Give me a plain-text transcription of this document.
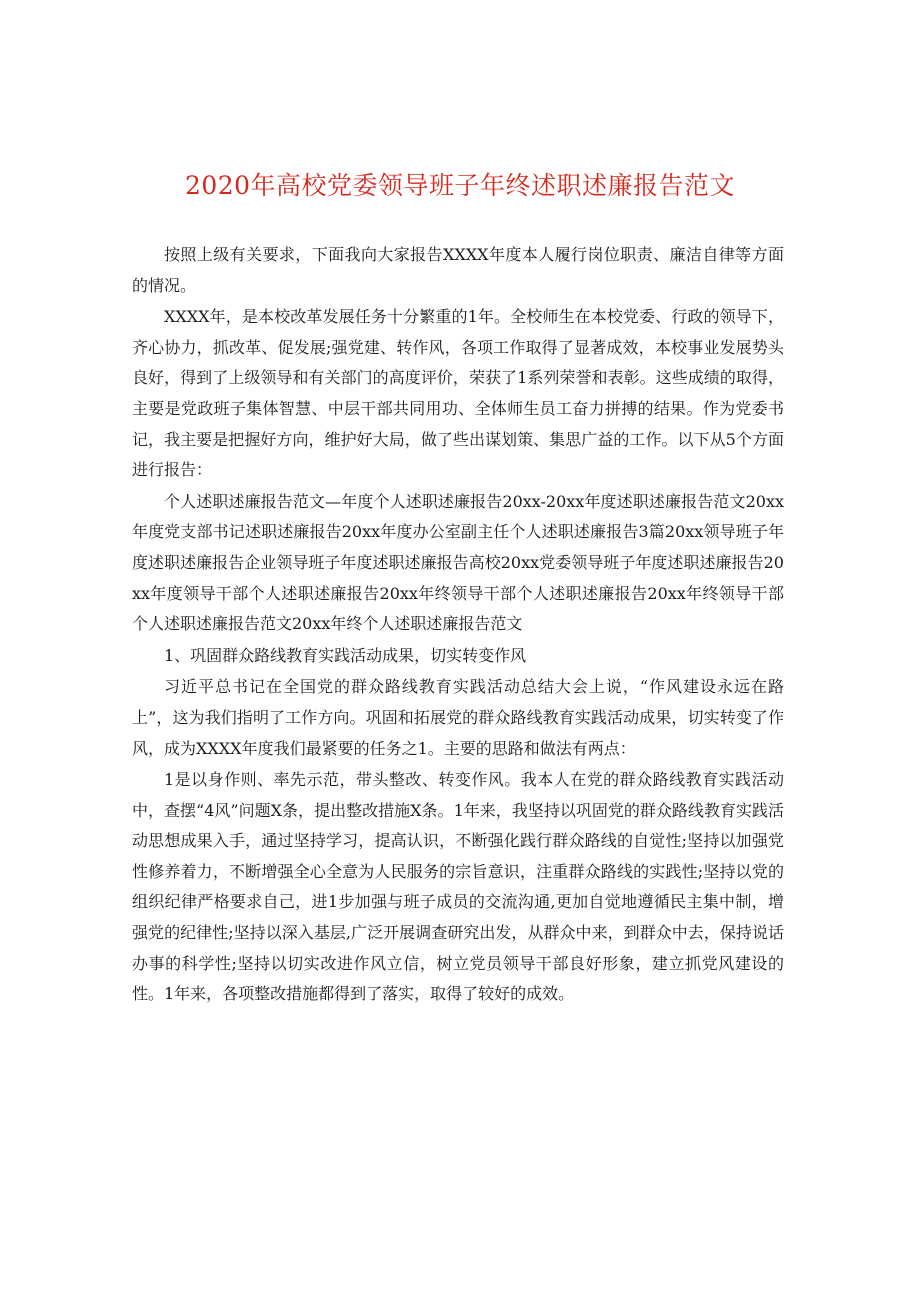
2020年高校党委领导班子年终述职述廉报告范文

按照上级有关要求，下面我向大家报告XXXX年度本人履行岗位职责、廉洁自律等方面的情况。

XXXX年，是本校改革发展任务十分繁重的1年。全校师生在本校党委、行政的领导下，齐心协力，抓改革、促发展;强党建、转作风，各项工作取得了显著成效，本校事业发展势头良好，得到了上级领导和有关部门的高度评价，荣获了1系列荣誉和表彰。这些成绩的取得，主要是党政班子集体智慧、中层干部共同用功、全体师生员工奋力拼搏的结果。作为党委书记，我主要是把握好方向，维护好大局，做了些出谋划策、集思广益的工作。以下从5个方面进行报告：

个人述职述廉报告范文—年度个人述职述廉报告20xx-20xx年度述职述廉报告范文20xx年度党支部书记述职述廉报告20xx年度办公室副主任个人述职述廉报告3篇20xx领导班子年度述职述廉报告企业领导班子年度述职述廉报告高校20xx党委领导班子年度述职述廉报告20xx年度领导干部个人述职述廉报告20xx年终领导干部个人述职述廉报告20xx年终领导干部个人述职述廉报告范文20xx年终个人述职述廉报告范文

1、巩固群众路线教育实践活动成果，切实转变作风

习近平总书记在全国党的群众路线教育实践活动总结大会上说，“作风建设永远在路上”，这为我们指明了工作方向。巩固和拓展党的群众路线教育实践活动成果，切实转变了作风，成为XXXX年度我们最紧要的任务之1。主要的思路和做法有两点：

1是以身作则、率先示范，带头整改、转变作风。我本人在党的群众路线教育实践活动中，查摆“4风”问题X条，提出整改措施X条。1年来，我坚持以巩固党的群众路线教育实践活动思想成果入手，通过坚持学习，提高认识，不断强化践行群众路线的自觉性;坚持以加强党性修养着力，不断增强全心全意为人民服务的宗旨意识，注重群众路线的实践性;坚持以党的组织纪律严格要求自己，进1步加强与班子成员的交流沟通,更加自觉地遵循民主集中制，增强党的纪律性;坚持以深入基层,广泛开展调查研究出发，从群众中来，到群众中去，保持说话办事的科学性;坚持以切实改进作风立信，树立党员领导干部良好形象，建立抓党风建设的性。1年来，各项整改措施都得到了落实，取得了较好的成效。
